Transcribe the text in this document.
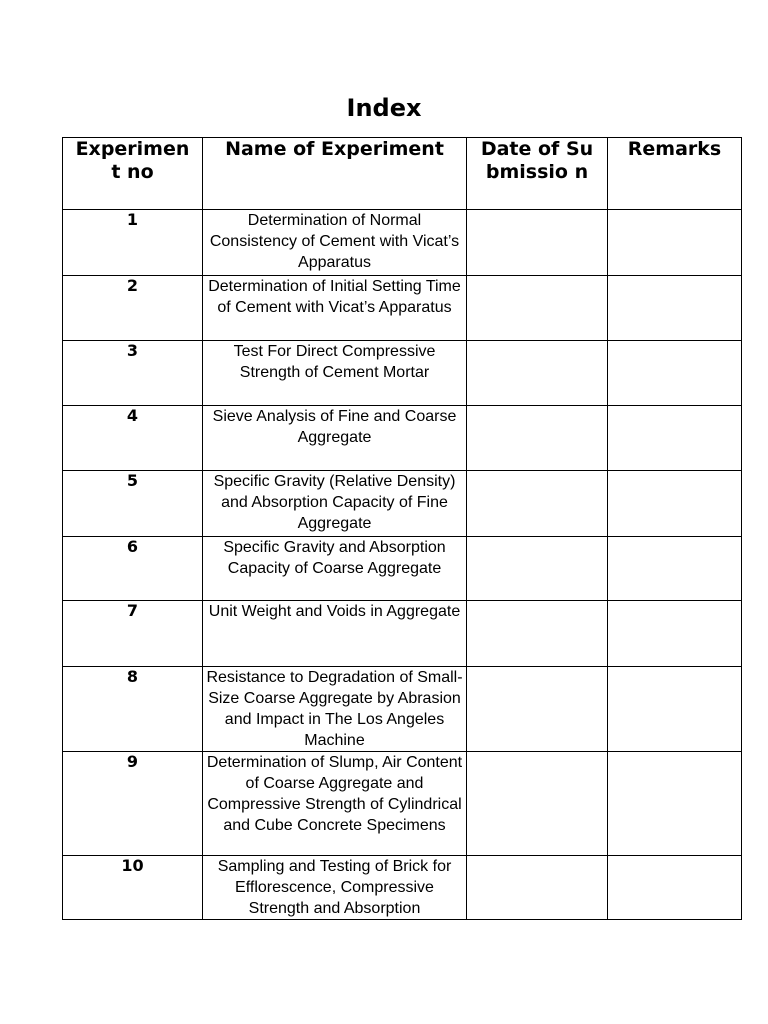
Index
Experimen t no	Name of Experiment	Date of Submissio n	Remarks

1	Determination of Normal Consistency of Cement with Vicat’s Apparatus		
2	Determination of Initial Setting Time of Cement with Vicat’s Apparatus		
3	Test For Direct Compressive Strength of Cement Mortar		
4	Sieve Analysis of Fine and Coarse Aggregate		
5	Specific Gravity (Relative Density) and Absorption Capacity of Fine Aggregate		
6	Specific Gravity and Absorption Capacity of Coarse Aggregate		
7	Unit Weight and Voids in Aggregate		
8	Resistance to Degradation of Small-Size Coarse Aggregate by Abrasion and Impact in The Los Angeles Machine		
9	Determination of Slump, Air Content of Coarse Aggregate and Compressive Strength of Cylindrical and Cube Concrete Specimens		
10	Sampling and Testing of Brick for Efflorescence, Compressive Strength and Absorption		
